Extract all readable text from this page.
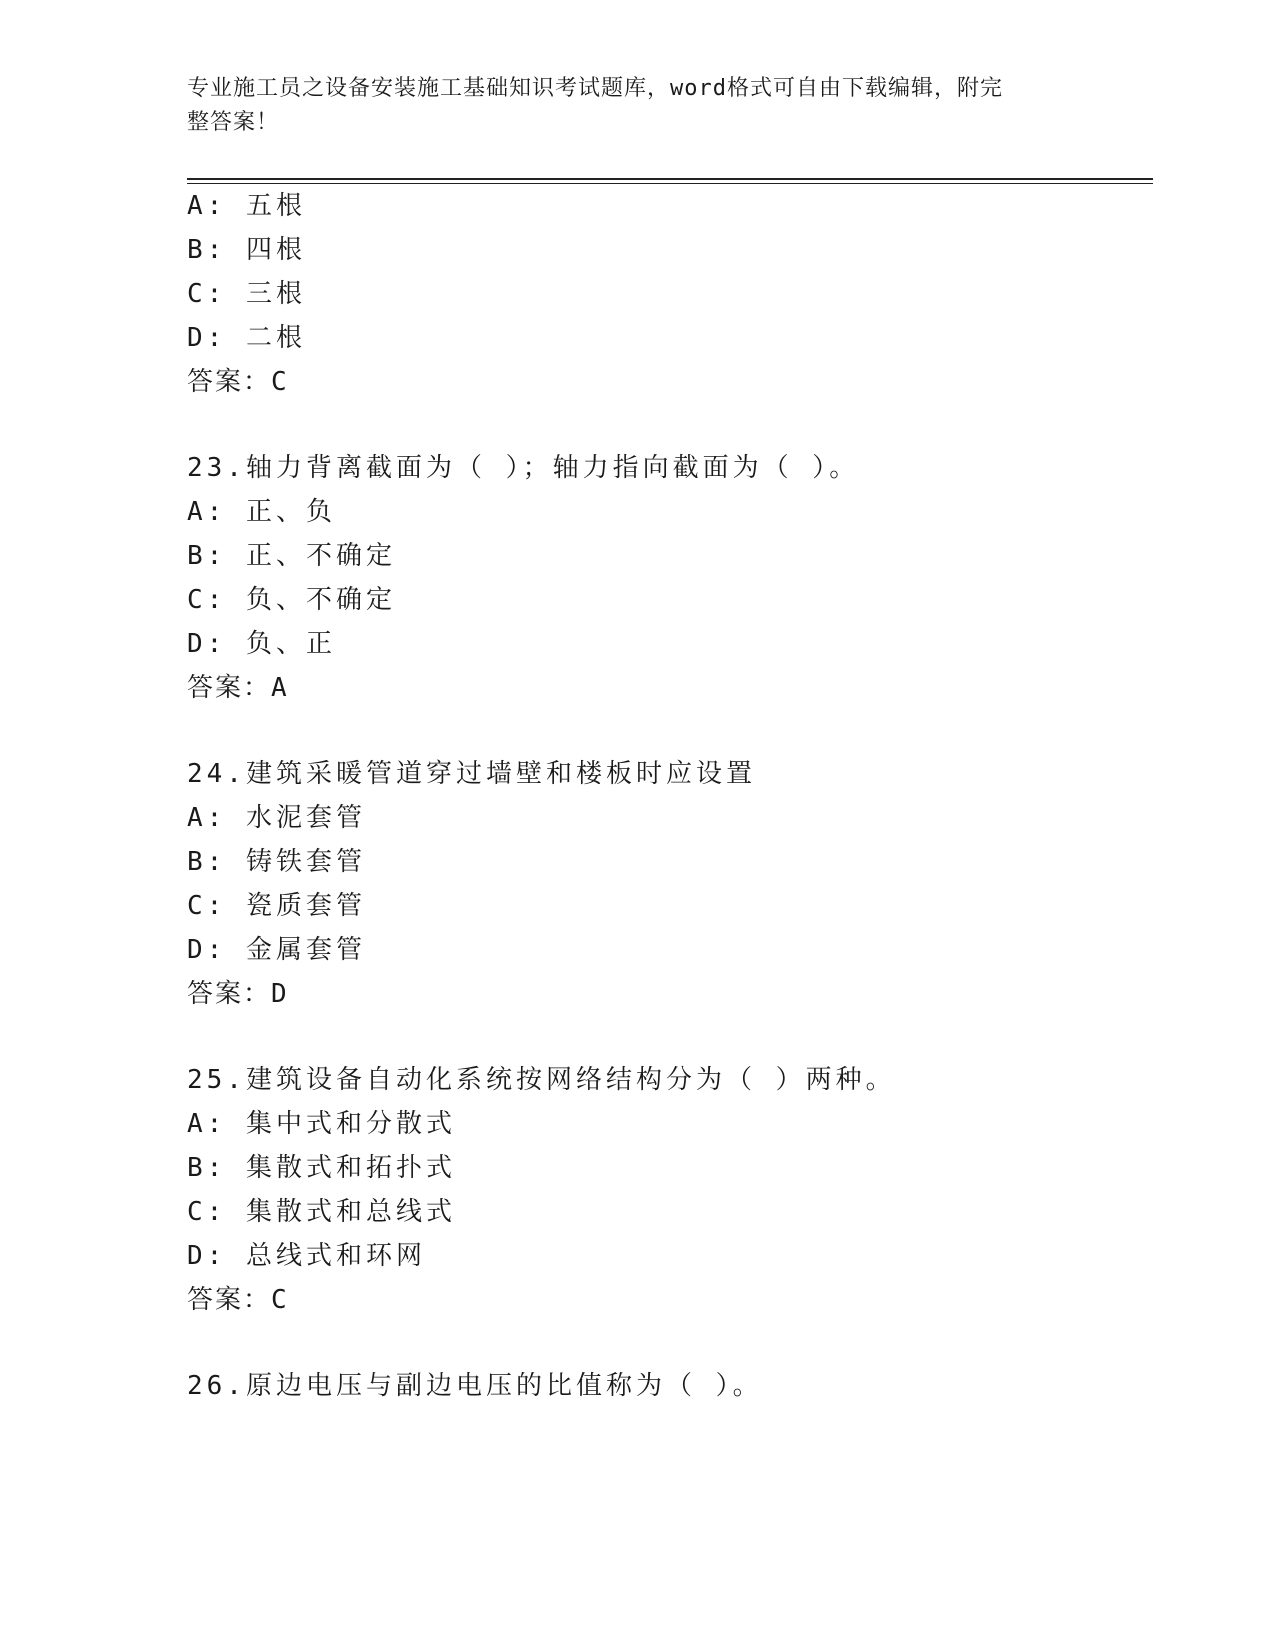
专业施工员之设备安装施工基础知识考试题库，word格式可自由下载编辑，附完
整答案！
A: 五根
B: 四根
C: 三根
D: 二根
答案：C
23.轴力背离截面为（ ）；轴力指向截面为（ ）。
A: 正、负
B: 正、不确定
C: 负、不确定
D: 负、正
答案：A
24.建筑采暖管道穿过墙壁和楼板时应设置
A: 水泥套管
B: 铸铁套管
C: 瓷质套管
D: 金属套管
答案：D
25.建筑设备自动化系统按网络结构分为（ ）两种。
A: 集中式和分散式
B: 集散式和拓扑式
C: 集散式和总线式
D: 总线式和环网
答案：C
26.原边电压与副边电压的比值称为（ ）。
